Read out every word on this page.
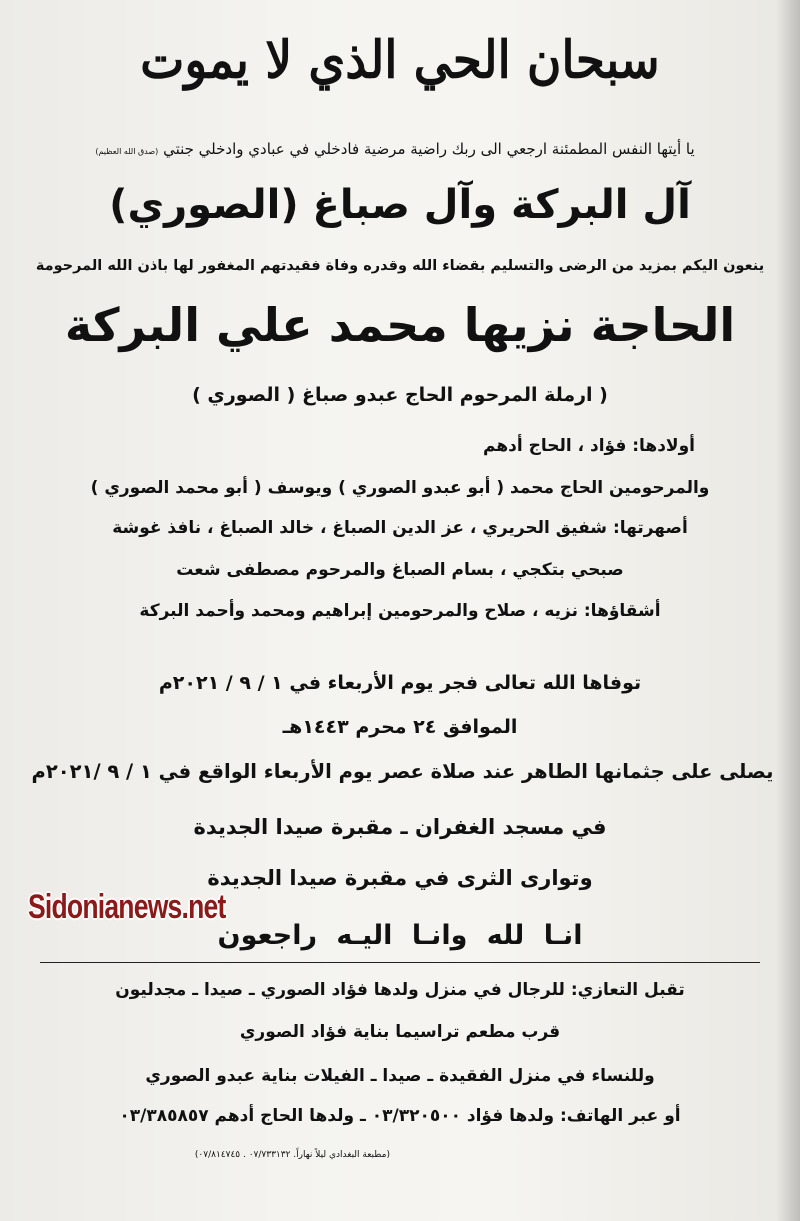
سبحان الحي الذي لا يموت
يا أيتها النفس المطمئنة ارجعي الى ربك راضية مرضية فادخلي في عبادي وادخلي جنتي (صدق الله العظيم)
آل البركة وآل صباغ (الصوري)
ينعون اليكم بمزيد من الرضى والتسليم بقضاء الله وقدره وفاة فقيدتهم المغفور لها باذن الله المرحومة
الحاجة نزيها محمد علي البركة
( ارملة المرحوم الحاج عبدو صباغ ( الصوري )
أولادها: فؤاد ، الحاج أدهم
والمرحومين الحاج محمد ( أبو عبدو الصوري ) ويوسف ( أبو محمد الصوري )
أصهرتها: شفيق الحريري ، عز الدين الصباغ ، خالد الصباغ ، نافذ غوشة
صبحي بتكجي ، بسام الصباغ والمرحوم مصطفى شعت
أشقاؤها: نزيه ، صلاح والمرحومين إبراهيم ومحمد وأحمد البركة
توفاها الله تعالى فجر يوم الأربعاء في ١ / ٩ / ٢٠٢١م
الموافق ٢٤ محرم ١٤٤٣هـ
يصلى على جثمانها الطاهر عند صلاة عصر يوم الأربعاء الواقع في ١ / ٩ /٢٠٢١م
في مسجد الغفران ـ مقبرة صيدا الجديدة
وتوارى الثرى في مقبرة صيدا الجديدة
انـا لله وانـا اليـه راجعون
Sidonianews.net
تقبل التعازي: للرجال في منزل ولدها فؤاد الصوري ـ صيدا ـ مجدليون
قرب مطعم تراسيما بناية فؤاد الصوري
وللنساء في منزل الفقيدة ـ صيدا ـ الفيلات بناية عبدو الصوري
أو عبر الهاتف: ولدها فؤاد ٠٣/٣٢٠٥٠٠ ـ ولدها الحاج أدهم ٠٣/٣٨٥٨٥٧
(مطبعة البغدادي ليلاً نهاراً. ٠٧/٧٣٣١٣٢ . ٠٧/٨١٤٧٤٥)
